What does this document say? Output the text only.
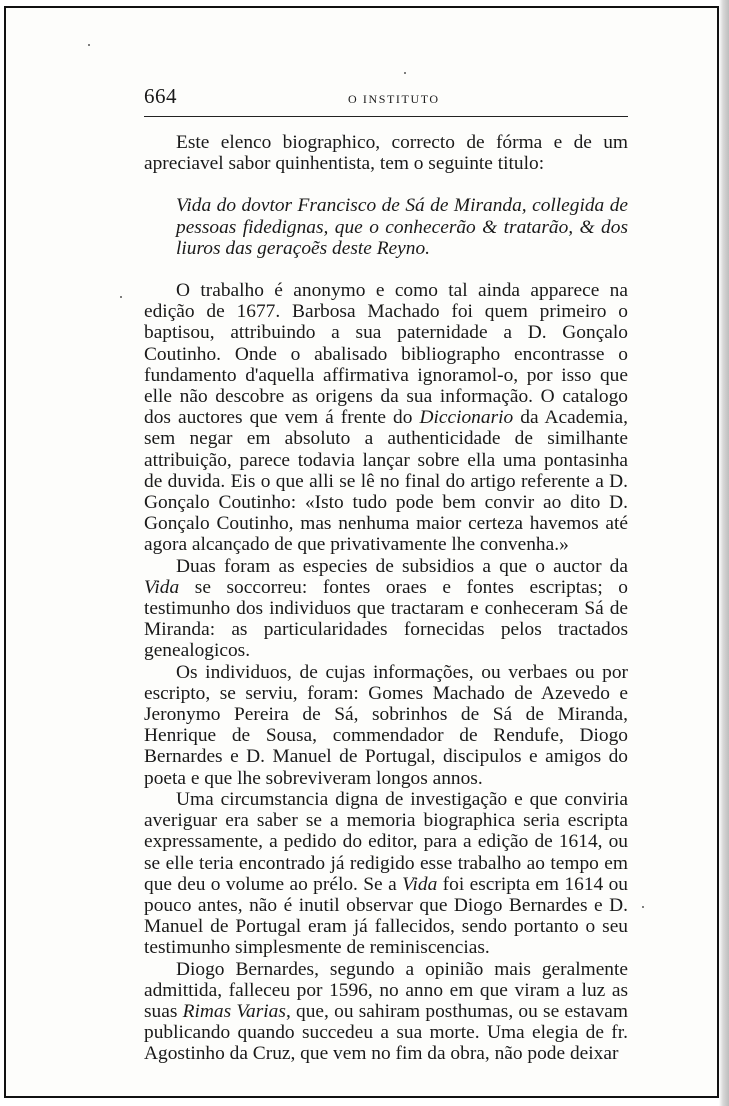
664	O INSTITUTO

Este elenco biographico, correcto de fórma e de um apreciavel sabor quinhentista, tem o seguinte titulo:

Vida do dovtor Francisco de Sá de Miranda, collegida de pessoas fidedignas, que o conhecerão & tratarão, & dos liuros das geraçoẽs deste Reyno.

O trabalho é anonymo e como tal ainda apparece na edição de 1677. Barbosa Machado foi quem primeiro o baptisou, attribuindo a sua paternidade a D. Gonçalo Coutinho. Onde o abalisado bibliographo encontrasse o fundamento d'aquella affirmativa ignoramol-o, por isso que elle não descobre as origens da sua informação. O catalogo dos auctores que vem á frente do Diccionario da Academia, sem negar em absoluto a authenticidade de similhante attribuição, parece todavia lançar sobre ella uma pontasinha de duvida. Eis o que alli se lê no final do artigo referente a D. Gonçalo Coutinho: «Isto tudo pode bem convir ao dito D. Gonçalo Coutinho, mas nenhuma maior certeza havemos até agora alcançado de que privativamente lhe convenha.»

Duas foram as especies de subsidios a que o auctor da Vida se soccorreu: fontes oraes e fontes escriptas; o testimunho dos individuos que tractaram e conheceram Sá de Miranda: as particularidades fornecidas pelos tractados genealogicos.

Os individuos, de cujas informações, ou verbaes ou por escripto, se serviu, foram: Gomes Machado de Azevedo e Jeronymo Pereira de Sá, sobrinhos de Sá de Miranda, Henrique de Sousa, commendador de Rendufe, Diogo Bernardes e D. Manuel de Portugal, discipulos e amigos do poeta e que lhe sobreviveram longos annos.

Uma circumstancia digna de investigação e que conviria averiguar era saber se a memoria biographica seria escripta expressamente, a pedido do editor, para a edição de 1614, ou se elle teria encontrado já redigido esse trabalho ao tempo em que deu o volume ao prélo. Se a Vida foi escripta em 1614 ou pouco antes, não é inutil observar que Diogo Bernardes e D. Manuel de Portugal eram já fallecidos, sendo portanto o seu testimunho simplesmente de reminiscencias.

Diogo Bernardes, segundo a opinião mais geralmente admittida, falleceu por 1596, no anno em que viram a luz as suas Rimas Varias, que, ou sahiram posthumas, ou se estavam publicando quando succedeu a sua morte. Uma elegia de fr. Agostinho da Cruz, que vem no fim da obra, não pode deixar
